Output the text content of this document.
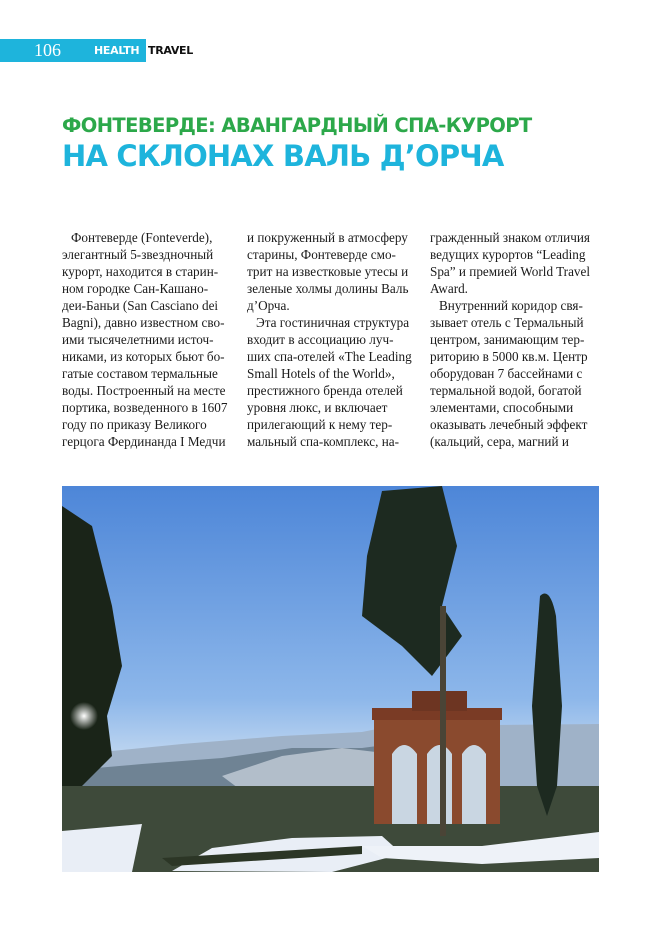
106	HEALTH TRAVEL
ФОНТЕВЕРДЕ: АВАНГАРДНЫЙ СПА-КУРОРТ
НА СКЛОНАХ ВАЛЬ Д’ОРЧА
Фонтеверде (Fonteverde),
элегантный 5-звездночный
курорт, находится в старин-
ном городке Сан-Кашано-
деи-Баньи (San Casciano dei
Bagni), давно известном сво-
ими тысячелетними источ-
никами, из которых бьют бо-
гатые составом термальные
воды. Построенный на месте
портика, возведенного в 1607
году по приказу Великого
герцога Фердинанда I Медчи
и покруженный в атмосферу
старины, Фонтеверде смо-
трит на известковые утесы и
зеленые холмы долины Валь
д’Орча.
Эта гостиничная структура
входит в ассоциацию луч-
ших спа-отелей «The Leading
Small Hotels of the World»,
престижного бренда отелей
уровня люкс, и включает
прилегающий к нему тер-
мальный спа-комплекс, на-
гражденный знаком отличия
ведущих курортов “Leading
Spa” и премией World Travel
Award.
Внутренний коридор свя-
зывает отель с Термальный
центром, занимающим тер-
риторию в 5000 кв.м. Центр
оборудован 7 бассейнами с
термальной водой, богатой
элементами, способными
оказывать лечебный эффект
(кальций, сера, магний и
